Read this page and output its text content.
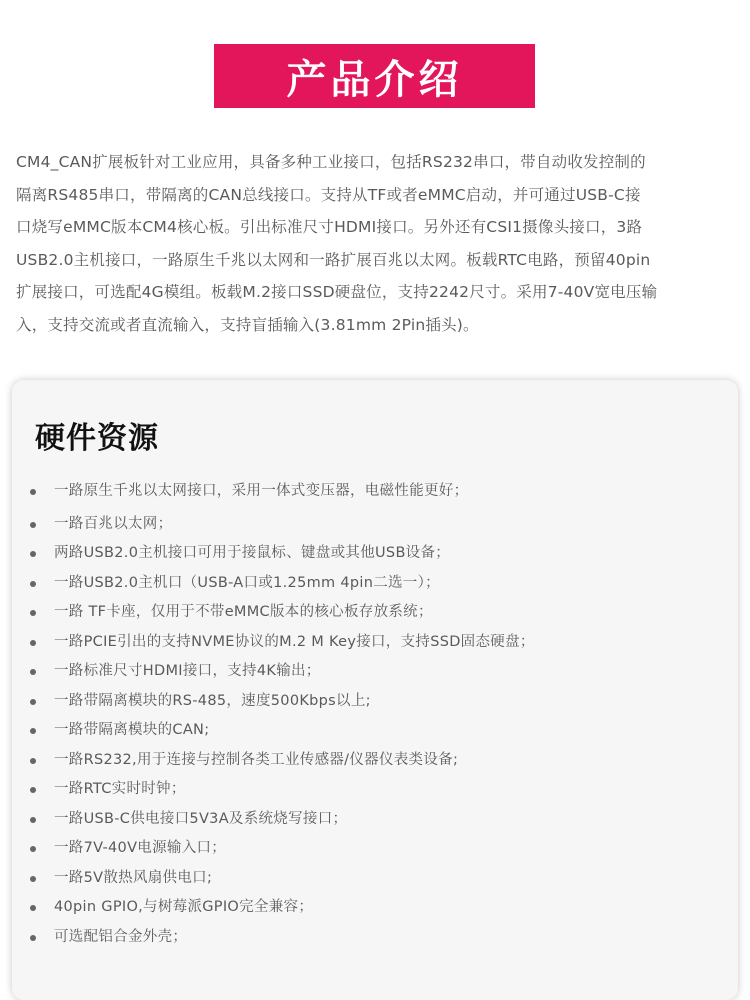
产品介绍
CM4_CAN扩展板针对工业应用，具备多种工业接口，包括RS232串口，带自动收发控制的
隔离RS485串口，带隔离的CAN总线接口。支持从TF或者eMMC启动，并可通过USB-C接
口烧写eMMC版本CM4核心板。引出标准尺寸HDMI接口。另外还有CSI1摄像头接口，3路
USB2.0主机接口，一路原生千兆以太网和一路扩展百兆以太网。板载RTC电路，预留40pin
扩展接口，可选配4G模组。板载M.2接口SSD硬盘位，支持2242尺寸。采用7-40V宽电压输
入，支持交流或者直流输入，支持盲插输入(3.81mm 2Pin插头)。
硬件资源
一路原生千兆以太网接口，采用一体式变压器，电磁性能更好；
一路百兆以太网；
两路USB2.0主机接口可用于接鼠标、键盘或其他USB设备；
一路USB2.0主机口（USB-A口或1.25mm 4pin二选一）；
一路 TF卡座，仅用于不带eMMC版本的核心板存放系统；
一路PCIE引出的支持NVME协议的M.2 M Key接口，支持SSD固态硬盘；
一路标准尺寸HDMI接口，支持4K输出；
一路带隔离模块的RS-485，速度500Kbps以上;
一路带隔离模块的CAN;
一路RS232,用于连接与控制各类工业传感器/仪器仪表类设备;
一路RTC实时时钟；
一路USB-C供电接口5V3A及系统烧写接口；
一路7V-40V电源输入口；
一路5V散热风扇供电口;
40pin GPIO,与树莓派GPIO完全兼容；
可选配铝合金外壳；
